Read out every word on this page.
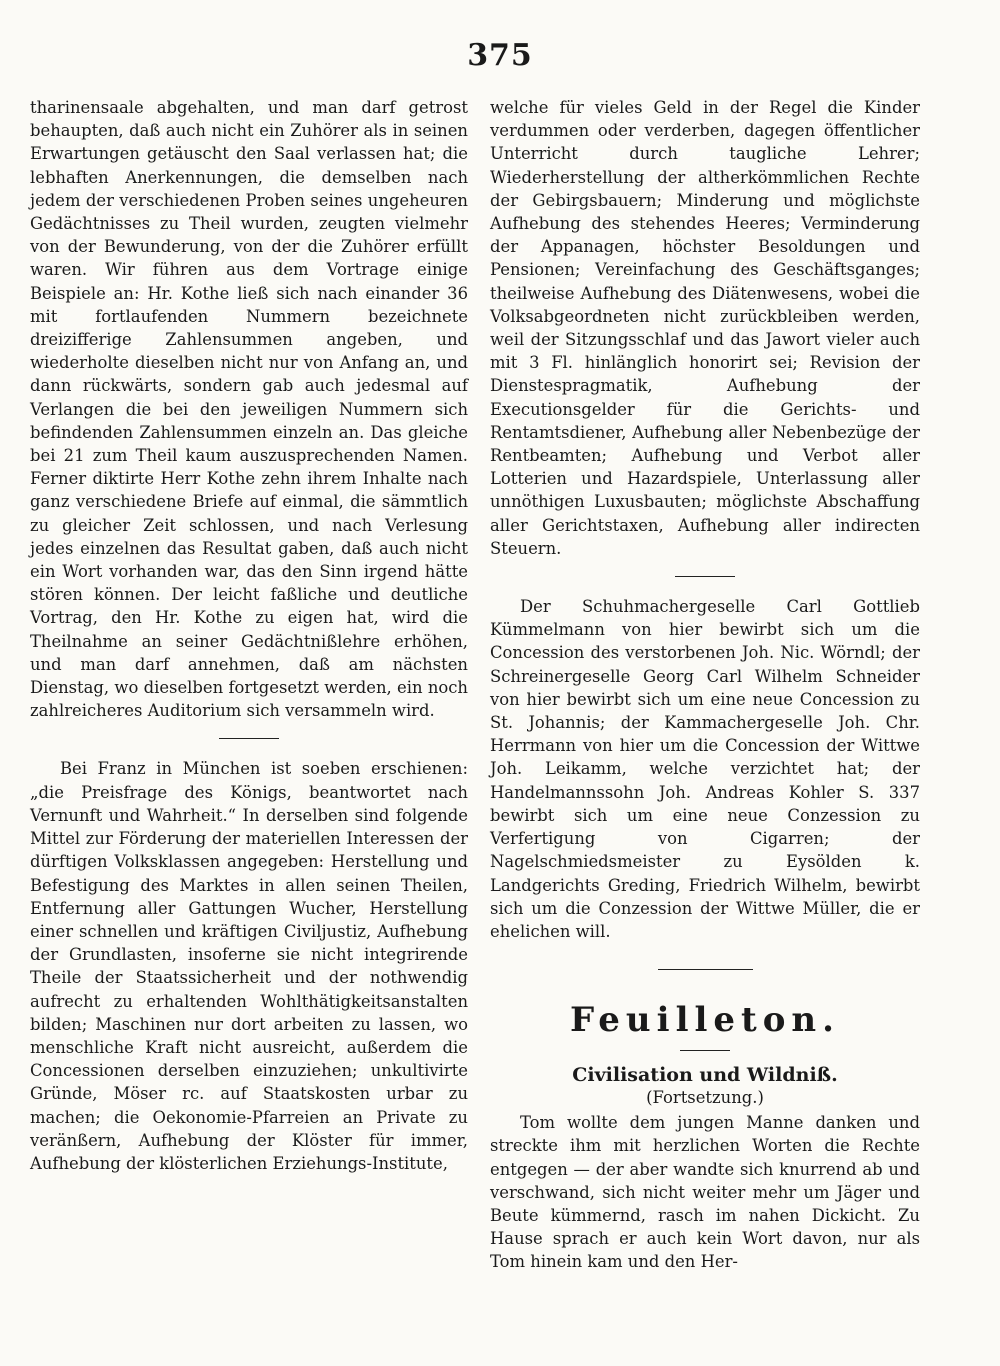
375

tharinensaale abgehalten, und man darf getrost behaupten, daß auch nicht ein Zuhörer als in seinen Erwartungen getäuscht den Saal verlassen hat; die lebhaften Anerkennungen, die demselben nach jedem der verschiedenen Proben seines ungeheuren Gedächtnisses zu Theil wurden, zeugten vielmehr von der Bewunderung, von der die Zuhörer erfüllt waren. Wir führen aus dem Vortrage einige Beispiele an: Hr. Kothe ließ sich nach einander 36 mit fortlaufenden Nummern bezeichnete dreizifferige Zahlensummen angeben, und wiederholte dieselben nicht nur von Anfang an, und dann rückwärts, sondern gab auch jedesmal auf Verlangen die bei den jeweiligen Nummern sich befindenden Zahlensummen einzeln an. Das gleiche bei 21 zum Theil kaum auszusprechenden Namen. Ferner diktirte Herr Kothe zehn ihrem Inhalte nach ganz verschiedene Briefe auf einmal, die sämmtlich zu gleicher Zeit schlossen, und nach Verlesung jedes einzelnen das Resultat gaben, daß auch nicht ein Wort vorhanden war, das den Sinn irgend hätte stören können. Der leicht faßliche und deutliche Vortrag, den Hr. Kothe zu eigen hat, wird die Theilnahme an seiner Gedächtnißlehre erhöhen, und man darf annehmen, daß am nächsten Dienstag, wo dieselben fortgesetzt werden, ein noch zahlreicheres Auditorium sich versammeln wird.

Bei Franz in München ist soeben erschienen: „die Preisfrage des Königs, beantwortet nach Vernunft und Wahrheit.“ In derselben sind folgende Mittel zur Förderung der materiellen Interessen der dürftigen Volksklassen angegeben: Herstellung und Befestigung des Marktes in allen seinen Theilen, Entfernung aller Gattungen Wucher, Herstellung einer schnellen und kräftigen Civiljustiz, Aufhebung der Grundlasten, insoferne sie nicht integrirende Theile der Staatssicherheit und der nothwendig aufrecht zu erhaltenden Wohlthätigkeitsanstalten bilden; Maschinen nur dort arbeiten zu lassen, wo menschliche Kraft nicht ausreicht, außerdem die Concessionen derselben einzuziehen; unkultivirte Gründe, Möser rc. auf Staatskosten urbar zu machen; die Oekonomie-Pfarreien an Private zu veränßern, Aufhebung der Klöster für immer, Aufhebung der klösterlichen Erziehungs-Institute,

welche für vieles Geld in der Regel die Kinder verdummen oder verderben, dagegen öffentlicher Unterricht durch taugliche Lehrer; Wiederherstellung der altherkömmlichen Rechte der Gebirgsbauern; Minderung und möglichste Aufhebung des stehendes Heeres; Verminderung der Appanagen, höchster Besoldungen und Pensionen; Vereinfachung des Geschäftsganges; theilweise Aufhebung des Diätenwesens, wobei die Volksabgeordneten nicht zurückbleiben werden, weil der Sitzungsschlaf und das Jawort vieler auch mit 3 Fl. hinlänglich honorirt sei; Revision der Dienstespragmatik, Aufhebung der Executionsgelder für die Gerichts- und Rentamtsdiener, Aufhebung aller Nebenbezüge der Rentbeamten; Aufhebung und Verbot aller Lotterien und Hazardspiele, Unterlassung aller unnöthigen Luxusbauten; möglichste Abschaffung aller Gerichtstaxen, Aufhebung aller indirecten Steuern.

Der Schuhmachergeselle Carl Gottlieb Kümmelmann von hier bewirbt sich um die Concession des verstorbenen Joh. Nic. Wörndl; der Schreinergeselle Georg Carl Wilhelm Schneider von hier bewirbt sich um eine neue Concession zu St. Johannis; der Kammachergeselle Joh. Chr. Herrmann von hier um die Concession der Wittwe Joh. Leikamm, welche verzichtet hat; der Handelmannssohn Joh. Andreas Kohler S. 337 bewirbt sich um eine neue Conzession zu Verfertigung von Cigarren; der Nagelschmiedsmeister zu Eysölden k. Landgerichts Greding, Friedrich Wilhelm, bewirbt sich um die Conzession der Wittwe Müller, die er ehelichen will.

Feuilleton.
Civilisation und Wildniß.
(Fortsetzung.)

Tom wollte dem jungen Manne danken und streckte ihm mit herzlichen Worten die Rechte entgegen — der aber wandte sich knurrend ab und verschwand, sich nicht weiter mehr um Jäger und Beute kümmernd, rasch im nahen Dickicht. Zu Hause sprach er auch kein Wort davon, nur als Tom hinein kam und den Her-
